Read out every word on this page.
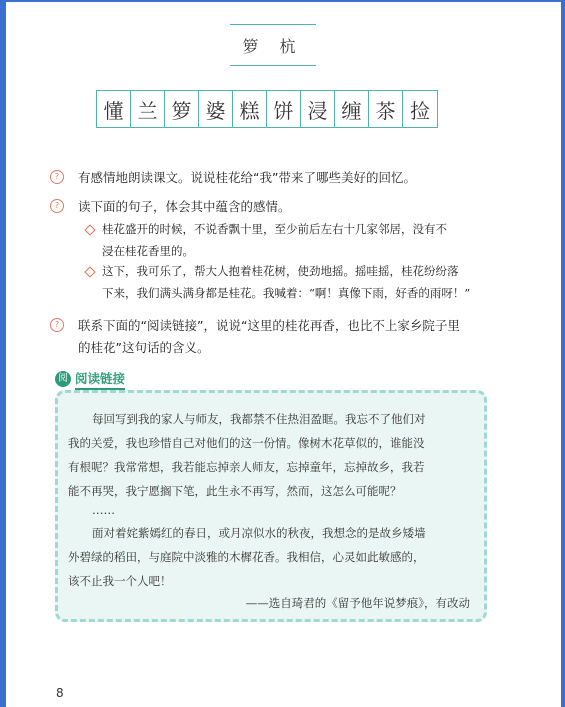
箩 杭
懂 兰 箩 婆 糕 饼 浸 缠 茶 捡
?	有感情地朗读课文。说说桂花给“我”带来了哪些美好的回忆。
?	读下面的句子，体会其中蕴含的感情。
桂花盛开的时候，不说香飘十里，至少前后左右十几家邻居，没有不
浸在桂花香里的。
这下，我可乐了，帮大人抱着桂花树，使劲地摇。摇哇摇，桂花纷纷落
下来，我们满头满身都是桂花。我喊着：“啊！真像下雨，好香的雨呀！”
?	联系下面的“阅读链接”，说说“这里的桂花再香，也比不上家乡院子里
的桂花”这句话的含义。
阅 阅读链接
每回写到我的家人与师友，我都禁不住热泪盈眶。我忘不了他们对
我的关爱，我也珍惜自己对他们的这一份情。像树木花草似的，谁能没
有根呢？我常常想，我若能忘掉亲人师友，忘掉童年，忘掉故乡，我若
能不再哭，我宁愿搁下笔，此生永不再写，然而，这怎么可能呢？
……
面对着姹紫嫣红的春日，或月凉似水的秋夜，我想念的是故乡矮墙
外碧绿的稻田，与庭院中淡雅的木樨花香。我相信，心灵如此敏感的，
该不止我一个人吧！
——选自琦君的《留予他年说梦痕》，有改动
8
